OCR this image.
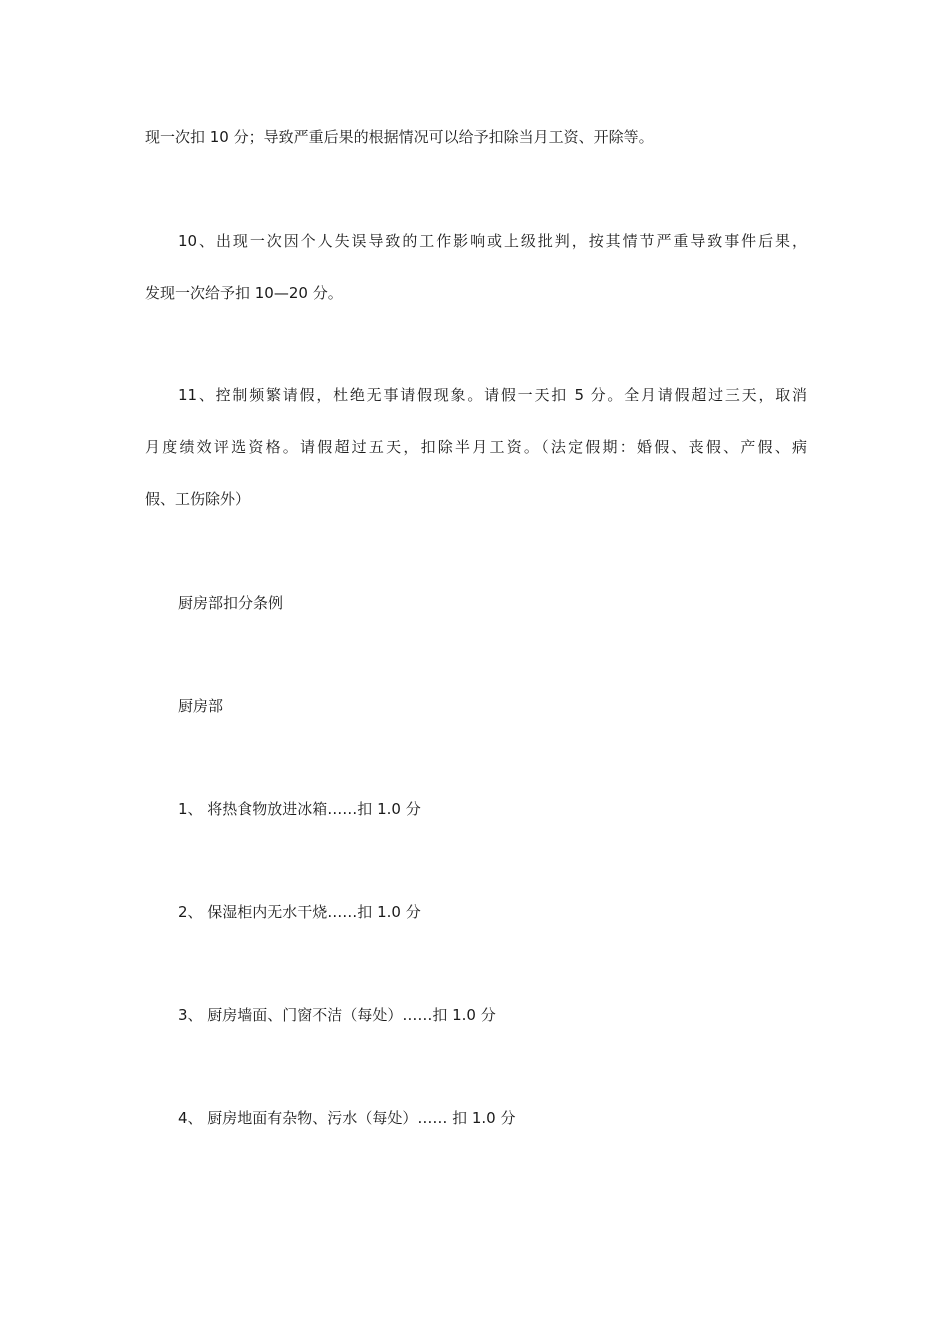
现一次扣 10 分；导致严重后果的根据情况可以给予扣除当月工资、开除等。
10、出现一次因个人失误导致的工作影响或上级批判，按其情节严重导致事件后果，
发现一次给予扣 10—20 分。
11、控制频繁请假，杜绝无事请假现象。请假一天扣 5 分。全月请假超过三天，取消
月度绩效评选资格。请假超过五天，扣除半月工资。（法定假期：婚假、丧假、产假、病
假、工伤除外）
厨房部扣分条例
厨房部
1、 将热食物放进冰箱……扣 1.0 分
2、 保湿柜内无水干烧……扣 1.0 分
3、 厨房墙面、门窗不洁（每处）……扣 1.0 分
4、 厨房地面有杂物、污水（每处）…… 扣 1.0 分
